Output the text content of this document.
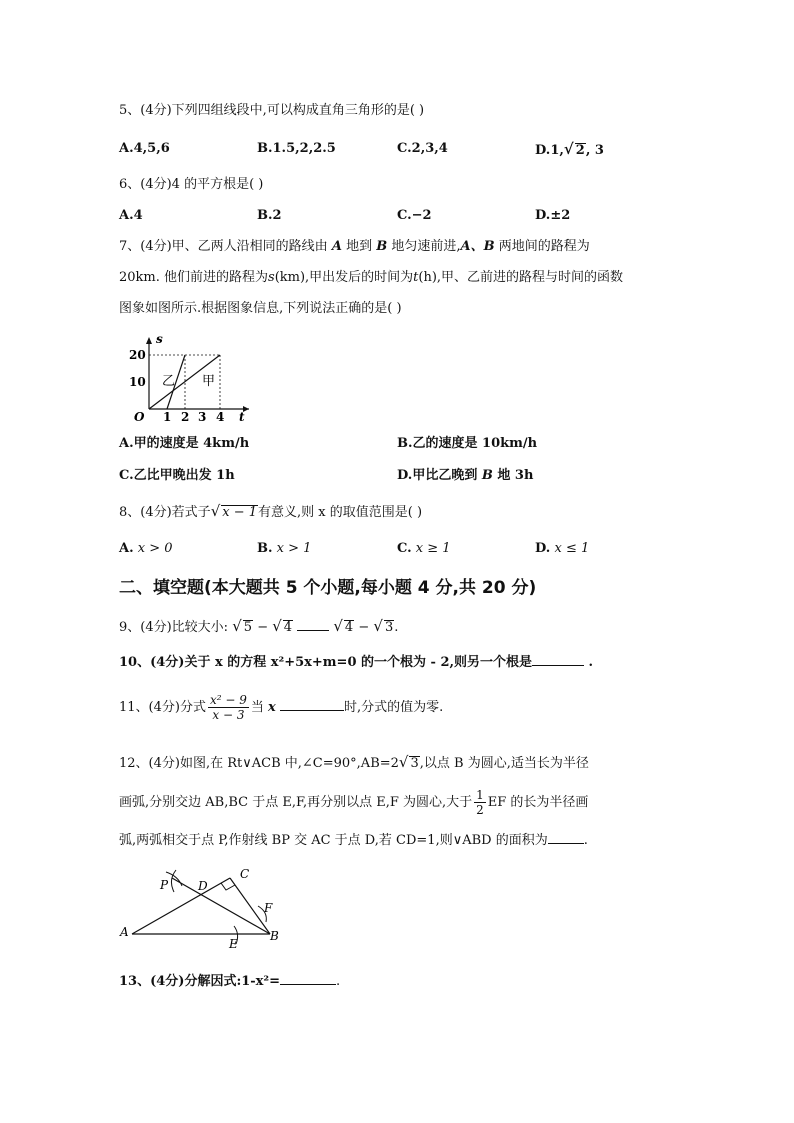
5、(4分)下列四组线段中,可以构成直角三角形的是( )
A.4,5,6	B.1.5,2,2.5	C.2,3,4	D.1,√ 2, 3
6、(4分)4 的平方根是( )
A.4	B.2	C.−2	D.±2
7、(4分)甲、乙两人沿相同的路线由 A 地到 B 地匀速前进,A、B 两地间的路程为
20km. 他们前进的路程为s(km),甲出发后的时间为t(h),甲、乙前进的路程与时间的函数
图象如图所示.根据图象信息,下列说法正确的是( )
s
t
O
20
10
1 2 3 4
乙 甲
A.甲的速度是 4km/h	B.乙的速度是 10km/h
C.乙比甲晚出发 1h	D.甲比乙晚到 B 地 3h
8、(4分)若式子√ x − 1有意义,则 x 的取值范围是( )
A. x > 0	B. x > 1	C. x ≥ 1	D. x ≤ 1
二、填空题(本大题共 5 个小题,每小题 4 分,共 20 分)
9、(4分)比较大小: √ 5 − √ 4	√ 4 − √ 3.
10、(4分)关于 x 的方程 x²+5x+m=0 的一个根为 - 2,则另一个根是	.
11、(4分)分式 $\frac{\text{x² − 9}}{x - 3}$ 当 x	时,分式的值为零.
12、(4分)如图,在 Rt∨ACB 中,∠C=90°,AB=2√ 3,以点 B 为圆心,适当长为半径
画弧,分别交边 AB,BC 于点 E,F,再分别以点 E,F 为圆心,大于 $\frac{1}{2}$ EF 的长为半径画
弧,两弧相交于点 P,作射线 BP 交 AC 于点 D,若 CD=1,则∨ABD 的面积为	.
A	B
C
D
E
F
P
13、(4分)分解因式:1-x²=	.
